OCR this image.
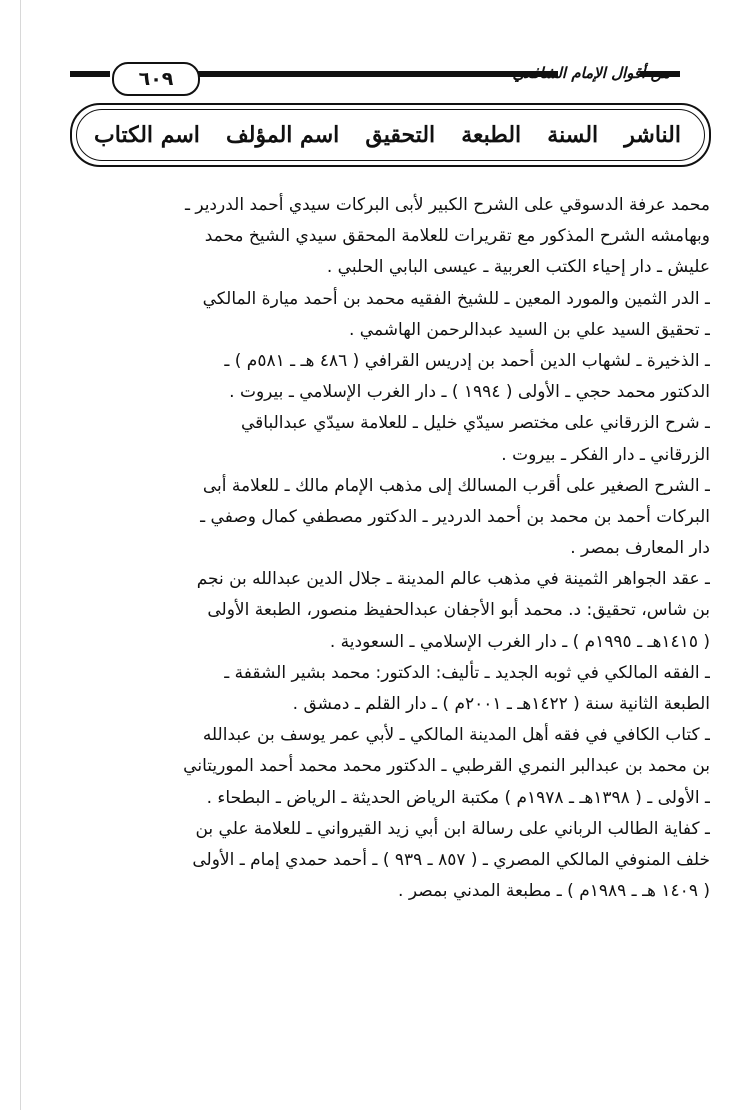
٦٠٩	من أقوال الإمام الشافعي
اسم الكتاب اسم المؤلف التحقيق الطبعة السنة الناشر
محمد عرفة الدسوقي على الشرح الكبير لأبى البركات سيدي أحمد الدردير ـ
وبهامشه الشرح المذكور مع تقريرات للعلامة المحقق سيدي الشيخ محمد
عليش ـ دار إحياء الكتب العربية ـ عيسى البابي الحلبي .
ـ الدر الثمين والمورد المعين ـ للشيخ الفقيه محمد بن أحمد ميارة المالكي
ـ تحقيق السيد علي بن السيد عبدالرحمن الهاشمي .
ـ الذخيرة ـ لشهاب الدين أحمد بن إدريس القرافي ( ٤٨٦ هـ ـ ٥٨١م ) ـ
الدكتور محمد حجي ـ الأولى ( ١٩٩٤ ) ـ دار الغرب الإسلامي ـ بيروت .
ـ شرح الزرقاني على مختصر سيدّي خليل ـ للعلامة سيدّي عبدالباقي
الزرقاني ـ دار الفكر ـ بيروت .
ـ الشرح الصغير على أقرب المسالك إلى مذهب الإمام مالك ـ للعلامة أبى
البركات أحمد بن محمد بن أحمد الدردير ـ الدكتور مصطفي كمال وصفي ـ
دار المعارف بمصر .
ـ عقد الجواهر الثمينة في مذهب عالم المدينة ـ جلال الدين عبدالله بن نجم
بن شاس، تحقيق: د. محمد أبو الأجفان عبدالحفيظ منصور، الطبعة الأولى
( ١٤١٥هـ ـ ١٩٩٥م ) ـ دار الغرب الإسلامي ـ السعودية .
ـ الفقه المالكي في ثوبه الجديد ـ تأليف: الدكتور: محمد بشير الشقفة ـ
الطبعة الثانية سنة ( ١٤٢٢هـ ـ ٢٠٠١م ) ـ دار القلم ـ دمشق .
ـ كتاب الكافي في فقه أهل المدينة المالكي ـ لأبي عمر يوسف بن عبدالله
بن محمد بن عبدالبر النمري القرطبي ـ الدكتور محمد محمد أحمد الموريتاني
ـ الأولى ـ ( ١٣٩٨هـ ـ ١٩٧٨م ) مكتبة الرياض الحديثة ـ الرياض ـ البطحاء .
ـ كفاية الطالب الرباني على رسالة ابن أبي زيد القيرواني ـ للعلامة علي بن
خلف المنوفي المالكي المصري ـ ( ٨٥٧ ـ ٩٣٩ ) ـ أحمد حمدي إمام ـ الأولى
( ١٤٠٩ هـ ـ ١٩٨٩م ) ـ مطبعة المدني بمصر .
